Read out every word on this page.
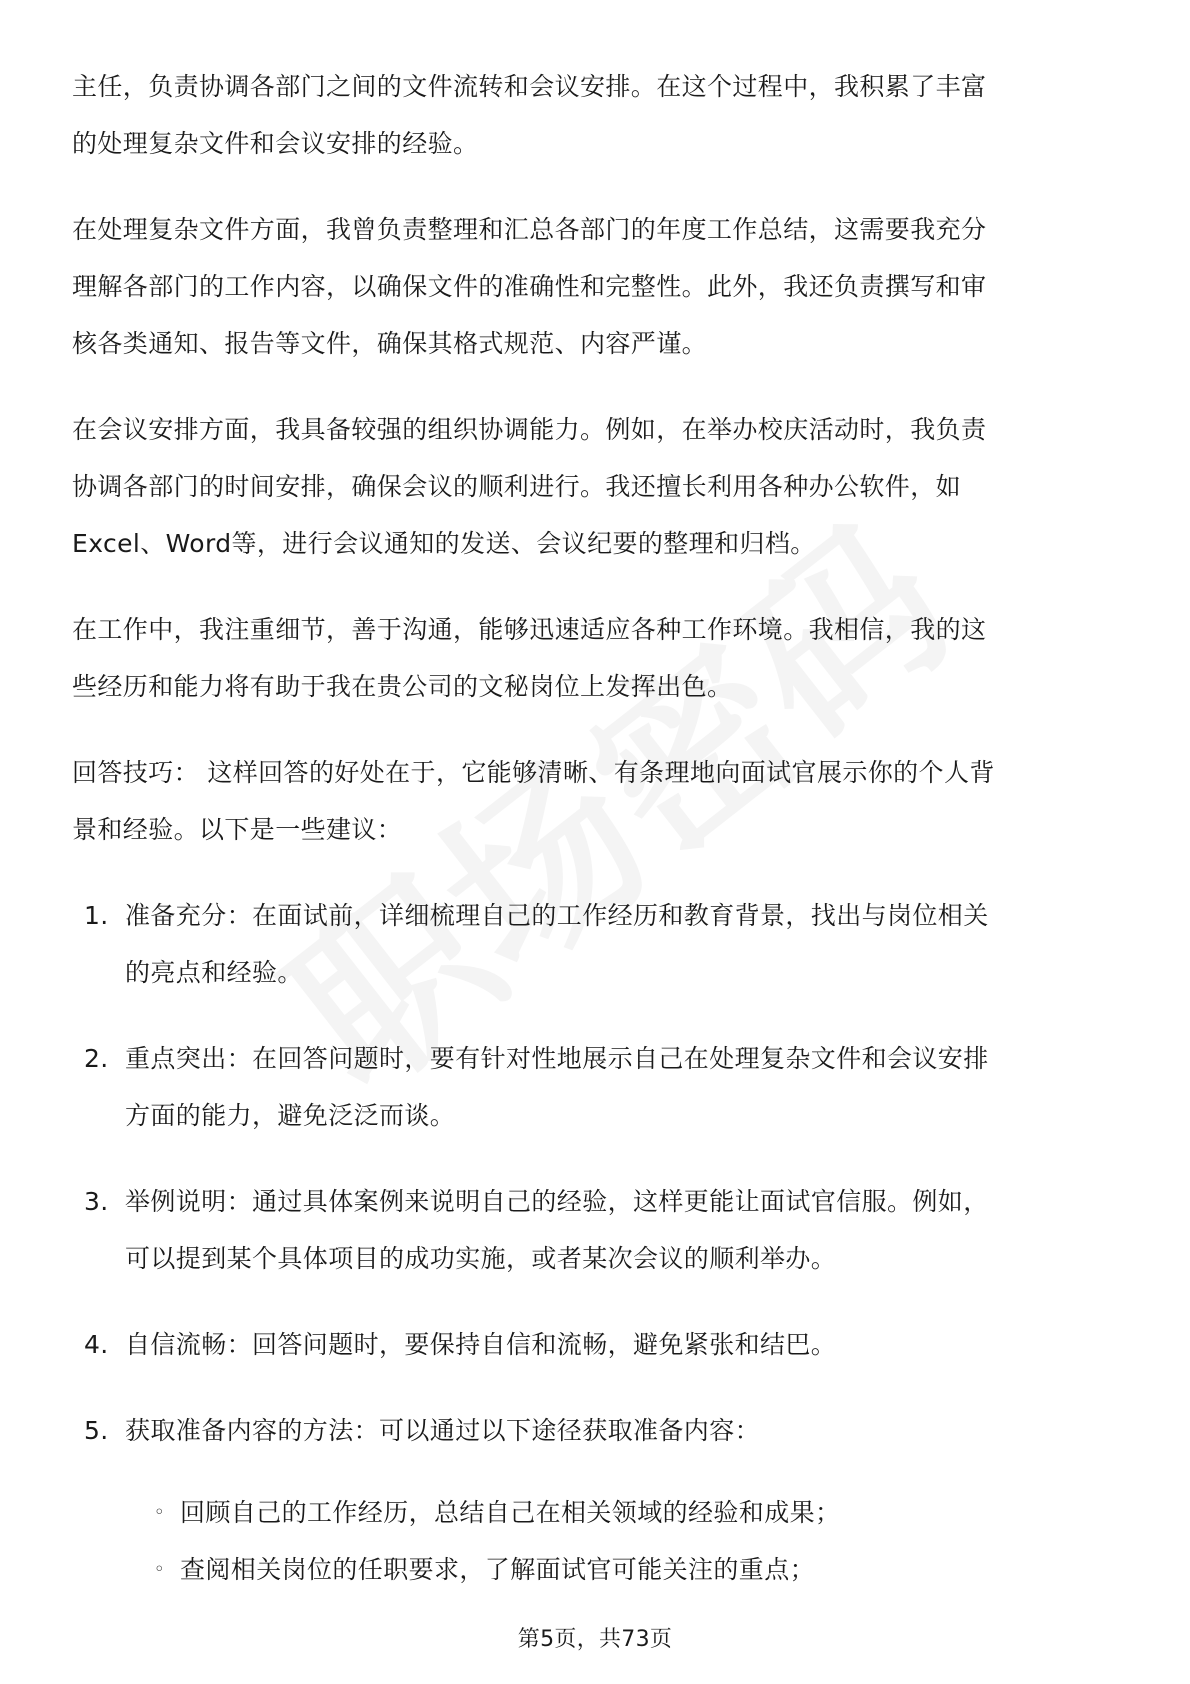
主任，负责协调各部门之间的文件流转和会议安排。在这个过程中，我积累了丰富
的处理复杂文件和会议安排的经验。

在处理复杂文件方面，我曾负责整理和汇总各部门的年度工作总结，这需要我充分
理解各部门的工作内容，以确保文件的准确性和完整性。此外，我还负责撰写和审
核各类通知、报告等文件，确保其格式规范、内容严谨。

在会议安排方面，我具备较强的组织协调能力。例如，在举办校庆活动时，我负责
协调各部门的时间安排，确保会议的顺利进行。我还擅长利用各种办公软件，如
Excel、Word等，进行会议通知的发送、会议纪要的整理和归档。

在工作中，我注重细节，善于沟通，能够迅速适应各种工作环境。我相信，我的这
些经历和能力将有助于我在贵公司的文秘岗位上发挥出色。

回答技巧： 这样回答的好处在于，它能够清晰、有条理地向面试官展示你的个人背
景和经验。以下是一些建议：

1. 准备充分：在面试前，详细梳理自己的工作经历和教育背景，找出与岗位相关
的亮点和经验。
2. 重点突出：在回答问题时，要有针对性地展示自己在处理复杂文件和会议安排
方面的能力，避免泛泛而谈。
3. 举例说明：通过具体案例来说明自己的经验，这样更能让面试官信服。例如，
可以提到某个具体项目的成功实施，或者某次会议的顺利举办。
4. 自信流畅：回答问题时，要保持自信和流畅，避免紧张和结巴。
5. 获取准备内容的方法：可以通过以下途径获取准备内容：
◦ 回顾自己的工作经历，总结自己在相关领域的经验和成果；
◦ 查阅相关岗位的任职要求，了解面试官可能关注的重点；
第5页，共73页
